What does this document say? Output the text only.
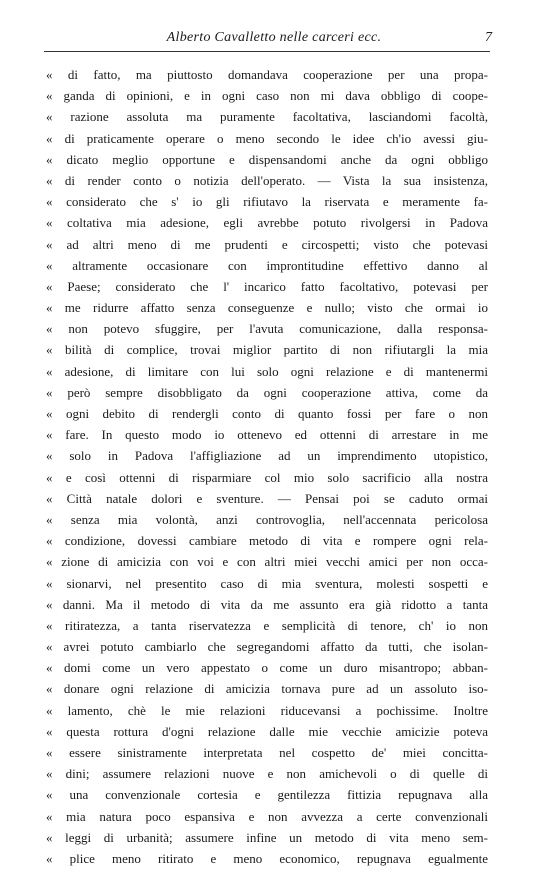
Alberto Cavalletto nelle carceri ecc.	7
« di fatto, ma piuttosto domandava cooperazione per una propa-
« ganda di opinioni, e in ogni caso non mi dava obbligo di coope-
« razione assoluta ma puramente facoltativa, lasciandomi facoltà,
« di praticamente operare o meno secondo le idee ch'io avessi giu-
« dicato meglio opportune e dispensandomi anche da ogni obbligo
« di render conto o notizia dell'operato. — Vista la sua insistenza,
« considerato che s' io gli rifiutavo la riservata e meramente fa-
« coltativa mia adesione, egli avrebbe potuto rivolgersi in Padova
« ad altri meno di me prudenti e circospetti; visto che potevasi
« altramente occasionare con improntitudine effettivo danno al
« Paese; considerato che l' incarico fatto facoltativo, potevasi per
« me ridurre affatto senza conseguenze e nullo; visto che ormai io
« non potevo sfuggire, per l'avuta comunicazione, dalla responsa-
« bilità di complice, trovai miglior partito di non rifiutargli la mia
« adesione, di limitare con lui solo ogni relazione e di mantenermi
« però sempre disobbligato da ogni cooperazione attiva, come da
« ogni debito di rendergli conto di quanto fossi per fare o non
« fare. In questo modo io ottenevo ed ottenni di arrestare in me
« solo in Padova l'affigliazione ad un imprendimento utopistico,
« e così ottenni di risparmiare col mio solo sacrificio alla nostra
« Città natale dolori e sventure. — Pensai poi se caduto ormai
« senza mia volontà, anzi controvoglia, nell'accennata pericolosa
« condizione, dovessi cambiare metodo di vita e rompere ogni rela-
« zione di amicizia con voi e con altri miei vecchi amici per non occa-
« sionarvi, nel presentito caso di mia sventura, molesti sospetti e
« danni. Ma il metodo di vita da me assunto era già ridotto a tanta
« ritiratezza, a tanta riservatezza e semplicità di tenore, ch' io non
« avrei potuto cambiarlo che segregandomi affatto da tutti, che isolan-
« domi come un vero appestato o come un duro misantropo; abban-
« donare ogni relazione di amicizia tornava pure ad un assoluto iso-
« lamento, chè le mie relazioni riducevansi a pochissime. Inoltre
« questa rottura d'ogni relazione dalle mie vecchie amicizie poteva
« essere sinistramente interpretata nel cospetto de' miei concitta-
« dini; assumere relazioni nuove e non amichevoli o di quelle di
« una convenzionale cortesia e gentilezza fittizia repugnava alla
« mia natura poco espansiva e non avvezza a certe convenzionali
« leggi di urbanità; assumere infine un metodo di vita meno sem-
« plice meno ritirato e meno economico, repugnava egualmente
